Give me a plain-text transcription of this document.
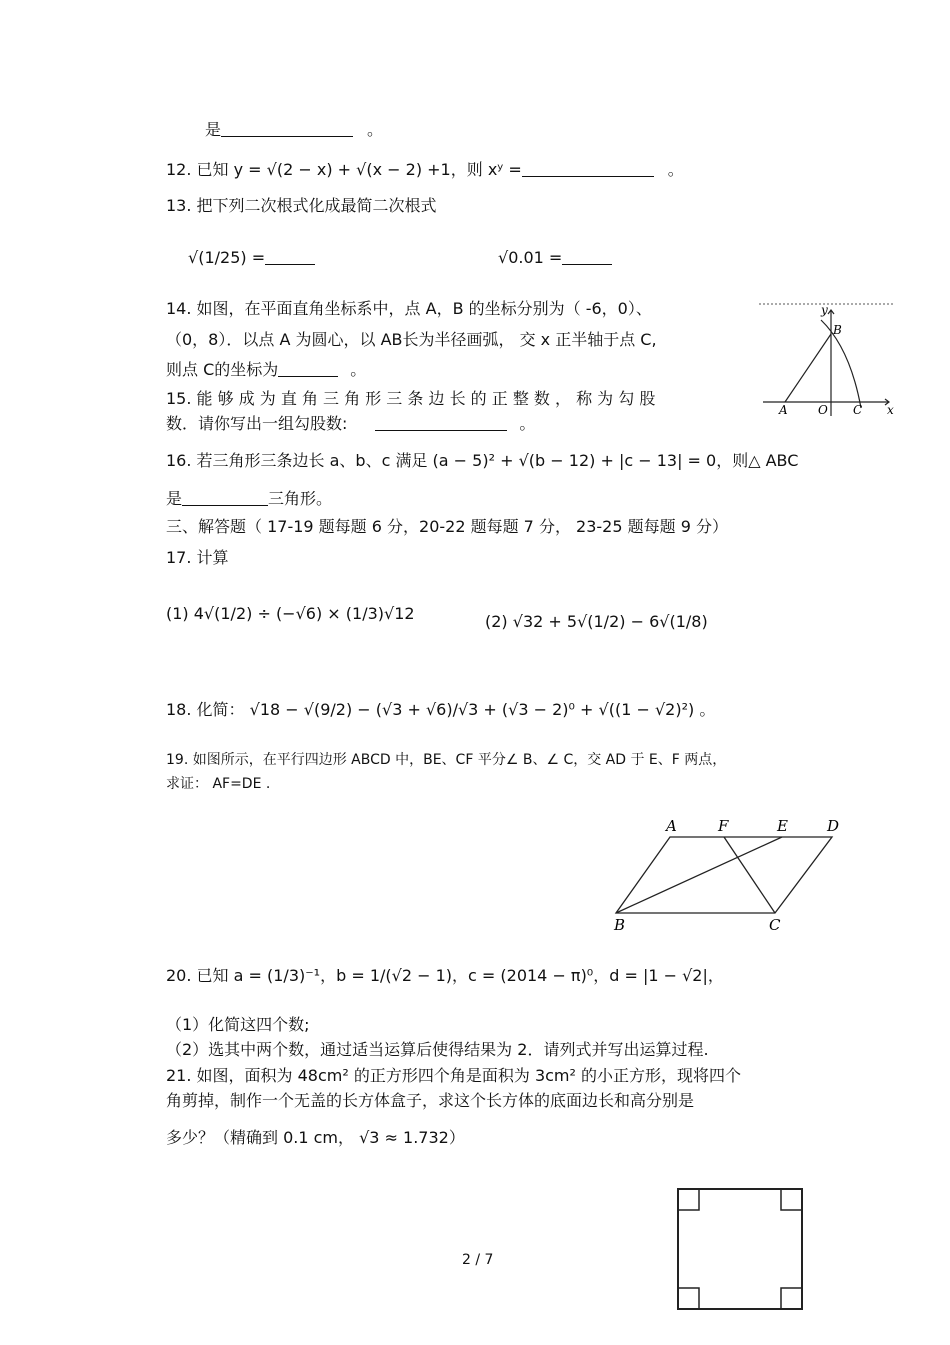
是	。
12. 已知 y = √(2 − x) + √(x − 2) +1，则 xʸ =	。
13. 把下列二次根式化成最简二次根式
√(1/25) =	√0.01 =
14. 如图，在平面直角坐标系中，点 A，B 的坐标分别为（ -6，0）、
（0，8）．以点 A 为圆心，以 AB长为半径画弧， 交 x 正半轴于点 C,
则点 C的坐标为	。
y
B
A	O C x
15. 能 够 成 为 直 角 三 角 形 三 条 边 长 的 正 整 数 ， 称 为 勾 股
数．请你写出一组勾股数:	。
16. 若三角形三条边长 a、b、c 满足 (a − 5)² + √(b − 12) + |c − 13| = 0，则△ ABC
是	三角形。
三、解答题（ 17-19 题每题 6 分，20-22 题每题 7 分， 23-25 题每题 9 分）
17. 计算
(1) 4√(1/2) ÷ (−√6) × (1/3)√12	(2) √32 + 5√(1/2) − 6√(1/8)
18. 化简： √18 − √(9/2) − (√3 + √6)/√3 + (√3 − 2)⁰ + √((1 − √2)²) 。
19. 如图所示，在平行四边形 ABCD 中，BE、CF 平分∠ B、∠ C，交 AD 于 E、F 两点，
求证： AF=DE .
A	F	E	D
B	C
20. 已知 a = (1/3)⁻¹，b = 1/(√2 − 1)，c = (2014 − π)⁰，d = |1 − √2|，
（1）化简这四个数;
（2）选其中两个数，通过适当运算后使得结果为 2．请列式并写出运算过程.
21. 如图，面积为 48cm² 的正方形四个角是面积为 3cm² 的小正方形，现将四个
角剪掉，制作一个无盖的长方体盒子，求这个长方体的底面边长和高分别是
多少？（精确到 0.1 cm， √3 ≈ 1.732）
2 / 7
